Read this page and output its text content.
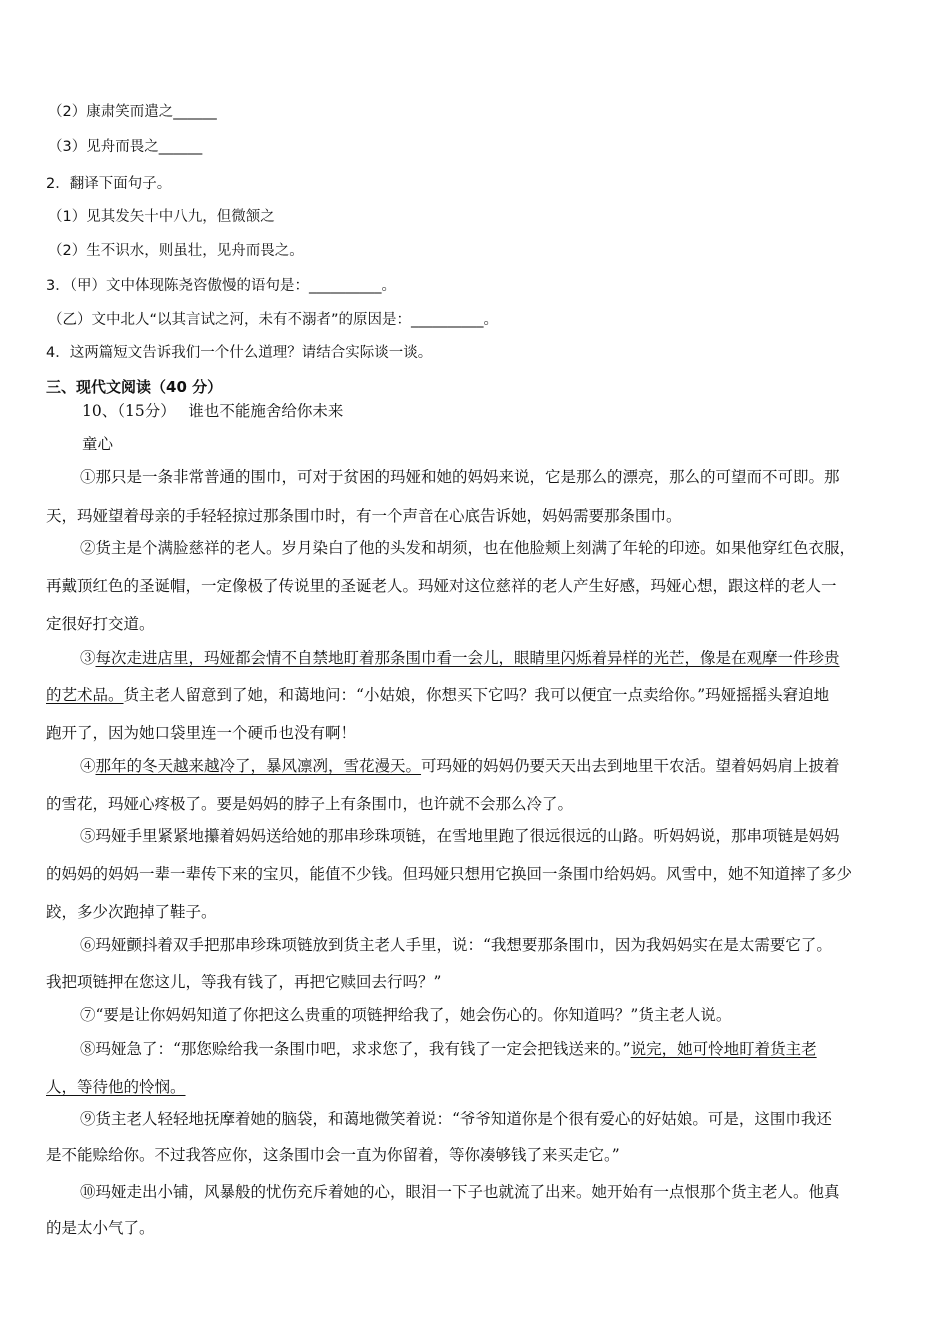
（2）康肃笑而遣之______
（3）见舟而畏之______
2．翻译下面句子。
（1）见其发矢十中八九，但微颔之
（2）生不识水，则虽壮，见舟而畏之。
3．（甲）文中体现陈尧咨傲慢的语句是：__________。
（乙）文中北人“以其言试之河，未有不溺者”的原因是：__________。
4．这两篇短文告诉我们一个什么道理？请结合实际谈一谈。
三、现代文阅读（40 分）
10、（15分）　 谁也不能施舍给你未来
童心
①那只是一条非常普通的围巾，可对于贫困的玛娅和她的妈妈来说，它是那么的漂亮，那么的可望而不可即。那
天，玛娅望着母亲的手轻轻掠过那条围巾时，有一个声音在心底告诉她，妈妈需要那条围巾。
②货主是个满脸慈祥的老人。岁月染白了他的头发和胡须，也在他脸颊上刻满了年轮的印迹。如果他穿红色衣服，
再戴顶红色的圣诞帽，一定像极了传说里的圣诞老人。玛娅对这位慈祥的老人产生好感，玛娅心想，跟这样的老人一
定很好打交道。
③每次走进店里，玛娅都会情不自禁地盯着那条围巾看一会儿，眼睛里闪烁着异样的光芒，像是在观摩一件珍贵
的艺术品。货主老人留意到了她，和蔼地问：“小姑娘，你想买下它吗？我可以便宜一点卖给你。”玛娅摇摇头窘迫地
跑开了，因为她口袋里连一个硬币也没有啊！
④那年的冬天越来越冷了，暴风凛冽，雪花漫天。可玛娅的妈妈仍要天天出去到地里干农活。望着妈妈肩上披着
的雪花，玛娅心疼极了。要是妈妈的脖子上有条围巾，也许就不会那么冷了。
⑤玛娅手里紧紧地攥着妈妈送给她的那串珍珠项链，在雪地里跑了很远很远的山路。听妈妈说，那串项链是妈妈
的妈妈的妈妈一辈一辈传下来的宝贝，能值不少钱。但玛娅只想用它换回一条围巾给妈妈。风雪中，她不知道摔了多少
跤，多少次跑掉了鞋子。
⑥玛娅颤抖着双手把那串珍珠项链放到货主老人手里，说：“我想要那条围巾，因为我妈妈实在是太需要它了。
我把项链押在您这儿，等我有钱了，再把它赎回去行吗？”
⑦“要是让你妈妈知道了你把这么贵重的项链押给我了，她会伤心的。你知道吗？”货主老人说。
⑧玛娅急了：“那您赊给我一条围巾吧，求求您了，我有钱了一定会把钱送来的。”说完，她可怜地盯着货主老
人，等待他的怜悯。
⑨货主老人轻轻地抚摩着她的脑袋，和蔼地微笑着说：“爷爷知道你是个很有爱心的好姑娘。可是，这围巾我还
是不能赊给你。不过我答应你，这条围巾会一直为你留着，等你凑够钱了来买走它。”
⑩玛娅走出小铺，风暴般的忧伤充斥着她的心，眼泪一下子也就流了出来。她开始有一点恨那个货主老人。他真
的是太小气了。
